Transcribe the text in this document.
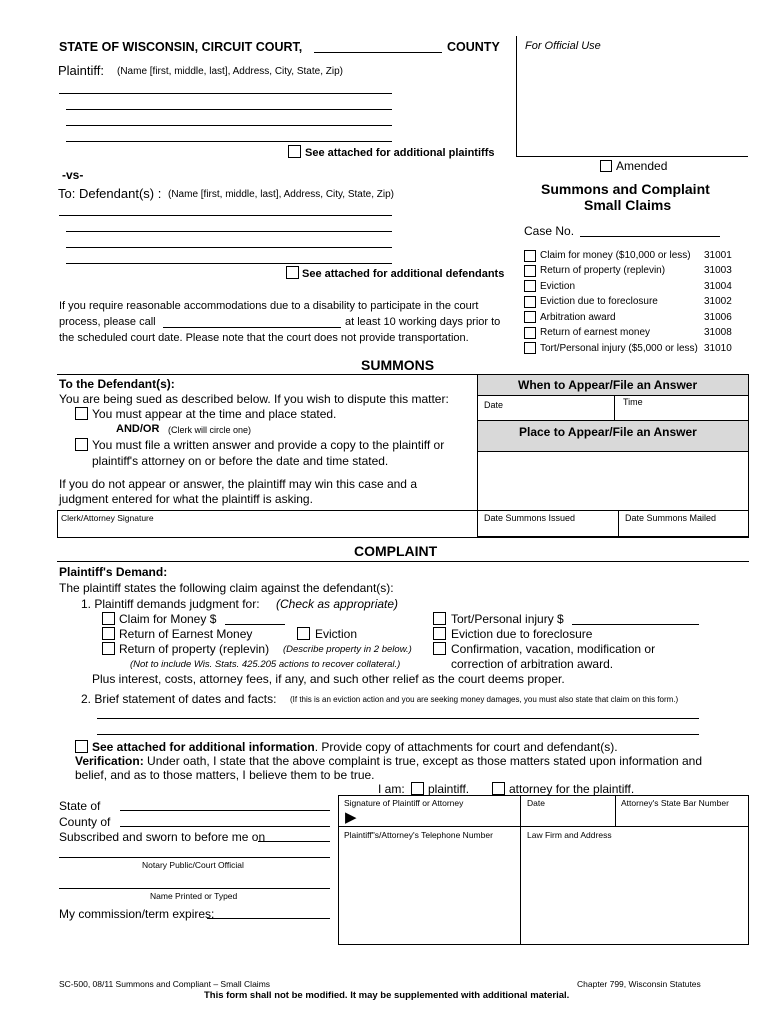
STATE OF WISCONSIN, CIRCUIT COURT,	COUNTY For Official Use
Plaintiff: (Name [first, middle, last], Address, City, State, Zip)
See attached for additional plaintiffs
-vs-
To: Defendant(s) : (Name [first, middle, last], Address, City, State, Zip)
See attached for additional defendants
If you require reasonable accommodations due to a disability to participate in the court
process, please call	at least 10 working days prior to
the scheduled court date. Please note that the court does not provide transportation.
Amended
Summons and Complaint
Small Claims
Case No.
Claim for money ($10,000 or less) 31001
Return of property (replevin)	31003
Eviction	31004
Eviction due to foreclosure	31002
Arbitration award	31006
Return of earnest money	31008
Tort/Personal injury ($5,000 or less) 31010
SUMMONS
To the Defendant(s):
You are being sued as described below. If you wish to dispute this matter:
You must appear at the time and place stated.
AND/OR (Clerk will circle one)
You must file a written answer and provide a copy to the plaintiff or
plaintiff's attorney on or before the date and time stated.
If you do not appear or answer, the plaintiff may win this case and a
judgment entered for what the plaintiff is asking.
When to Appear/File an Answer
Date	Time
Place to Appear/File an Answer
Clerk/Attorney Signature	Date Summons Issued	Date Summons Mailed
COMPLAINT
Plaintiff's Demand:
The plaintiff states the following claim against the defendant(s):
1. Plaintiff demands judgment for: (Check as appropriate)
Claim for Money $
Return of Earnest Money	Eviction
Return of property (replevin) (Describe property in 2 below.)
(Not to include Wis. Stats. 425.205 actions to recover collateral.)
Tort/Personal injury $
Eviction due to foreclosure
Confirmation, vacation, modification or
correction of arbitration award.
Plus interest, costs, attorney fees, if any, and such other relief as the court deems proper.
2. Brief statement of dates and facts: (If this is an eviction action and you are seeking money damages, you must also state that claim on this form.)
See attached for additional information. Provide copy of attachments for court and defendant(s).
Verification: Under oath, I state that the above complaint is true, except as those matters stated upon information and
belief, and as to those matters, I believe them to be true.
I am: plaintiff.	attorney for the plaintiff.
State of
County of
Subscribed and sworn to before me on
Notary Public/Court Official
Name Printed or Typed
My commission/term expires:
Signature of Plaintiff or Attorney
▶
Date	Attorney's State Bar Number
Plaintiff"s/Attorney's Telephone Number	Law Firm and Address
SC-500, 08/11 Summons and Compliant – Small Claims	Chapter 799, Wisconsin Statutes
This form shall not be modified. It may be supplemented with additional material.
